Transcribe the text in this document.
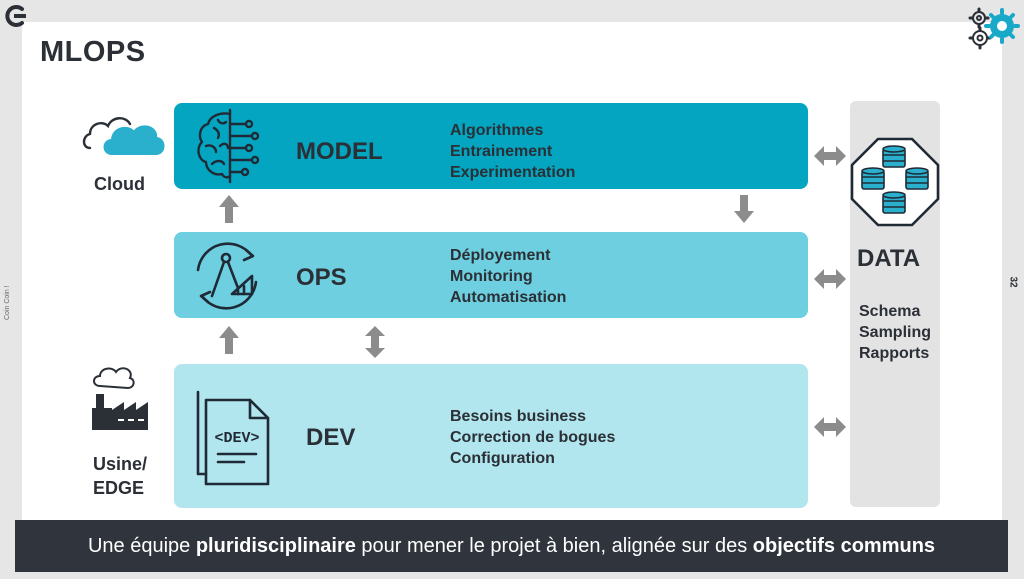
MLOPS
Coin Coin !
32
MODEL
OPS
DEV
Algorithmes
Entrainement
Experimentation
Déployement
Monitoring
Automatisation
Besoins business
Correction de bogues
Configuration
<DEV>
Cloud
Usine/
EDGE
DATA
Schema
Sampling
Rapports
Une équipe pluridisciplinaire pour mener le projet à bien, alignée sur des objectifs communs
